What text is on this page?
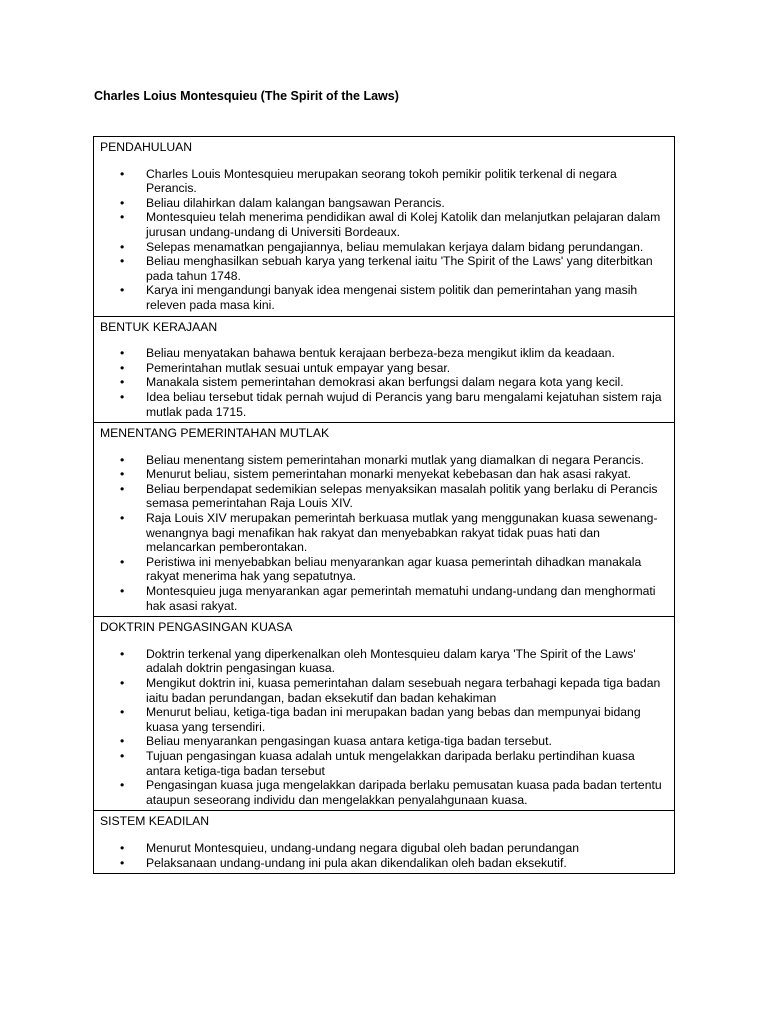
Charles Loius Montesquieu (The Spirit of the Laws)

PENDAHULUAN

• Charles Louis Montesquieu merupakan seorang tokoh pemikir politik terkenal di negara Perancis.
• Beliau dilahirkan dalam kalangan bangsawan Perancis.
• Montesquieu telah menerima pendidikan awal di Kolej Katolik dan melanjutkan pelajaran dalam jurusan undang-undang di Universiti Bordeaux.
• Selepas menamatkan pengajiannya, beliau memulakan kerjaya dalam bidang perundangan.
• Beliau menghasilkan sebuah karya yang terkenal iaitu 'The Spirit of the Laws' yang diterbitkan pada tahun 1748.
• Karya ini mengandungi banyak idea mengenai sistem politik dan pemerintahan yang masih releven pada masa kini.

BENTUK KERAJAAN

• Beliau menyatakan bahawa bentuk kerajaan berbeza-beza mengikut iklim da keadaan.
• Pemerintahan mutlak sesuai untuk empayar yang besar.
• Manakala sistem pemerintahan demokrasi akan berfungsi dalam negara kota yang kecil.
• Idea beliau tersebut tidak pernah wujud di Perancis yang baru mengalami kejatuhan sistem raja mutlak pada 1715.

MENENTANG PEMERINTAHAN MUTLAK

• Beliau menentang sistem pemerintahan monarki mutlak yang diamalkan di negara Perancis.
• Menurut beliau, sistem pemerintahan monarki menyekat kebebasan dan hak asasi rakyat.
• Beliau berpendapat sedemikian selepas menyaksikan masalah politik yang berlaku di Perancis semasa pemerintahan Raja Louis XIV.
• Raja Louis XIV merupakan pemerintah berkuasa mutlak yang menggunakan kuasa sewenang-wenangnya bagi menafikan hak rakyat dan menyebabkan rakyat tidak puas hati dan melancarkan pemberontakan.
• Peristiwa ini menyebabkan beliau menyarankan agar kuasa pemerintah dihadkan manakala rakyat menerima hak yang sepatutnya.
• Montesquieu juga menyarankan agar pemerintah mematuhi undang-undang dan menghormati hak asasi rakyat.

DOKTRIN PENGASINGAN KUASA

• Doktrin terkenal yang diperkenalkan oleh Montesquieu dalam karya 'The Spirit of the Laws' adalah doktrin pengasingan kuasa.
• Mengikut doktrin ini, kuasa pemerintahan dalam sesebuah negara terbahagi kepada tiga badan iaitu badan perundangan, badan eksekutif dan badan kehakiman
• Menurut beliau, ketiga-tiga badan ini merupakan badan yang bebas dan mempunyai bidang kuasa yang tersendiri.
• Beliau menyarankan pengasingan kuasa antara ketiga-tiga badan tersebut.
• Tujuan pengasingan kuasa adalah untuk mengelakkan daripada berlaku pertindihan kuasa antara ketiga-tiga badan tersebut
• Pengasingan kuasa juga mengelakkan daripada berlaku pemusatan kuasa pada badan tertentu ataupun seseorang individu dan mengelakkan penyalahgunaan kuasa.

SISTEM KEADILAN

• Menurut Montesquieu, undang-undang negara digubal oleh badan perundangan
• Pelaksanaan undang-undang ini pula akan dikendalikan oleh badan eksekutif.
